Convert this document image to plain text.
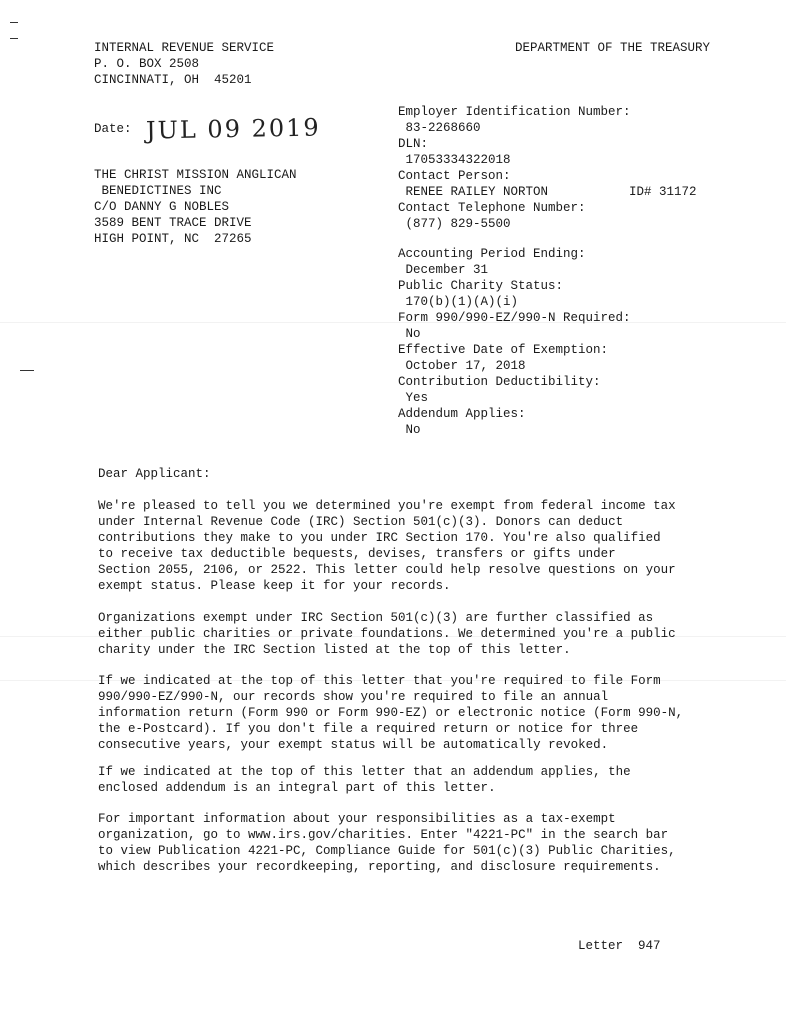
INTERNAL REVENUE SERVICE
P. O. BOX 2508
CINCINNATI, OH  45201
DEPARTMENT OF THE TREASURY
Date: JUL 09 2019
THE CHRIST MISSION ANGLICAN
BENEDICTINES INC
C/O DANNY G NOBLES
3589 BENT TRACE DRIVE
HIGH POINT, NC  27265
Employer Identification Number:
83-2268660
DLN:
17053334322018
Contact Person:
RENEE RAILEY NORTON	ID# 31172
Contact Telephone Number:
(877) 829-5500
Accounting Period Ending:
December 31
Public Charity Status:
170(b)(1)(A)(i)
Form 990/990-EZ/990-N Required:
No
Effective Date of Exemption:
October 17, 2018
Contribution Deductibility:
Yes
Addendum Applies:
No
Dear Applicant:
We're pleased to tell you we determined you're exempt from federal income tax
under Internal Revenue Code (IRC) Section 501(c)(3). Donors can deduct
contributions they make to you under IRC Section 170. You're also qualified
to receive tax deductible bequests, devises, transfers or gifts under
Section 2055, 2106, or 2522. This letter could help resolve questions on your
exempt status. Please keep it for your records.
Organizations exempt under IRC Section 501(c)(3) are further classified as
either public charities or private foundations. We determined you're a public
charity under the IRC Section listed at the top of this letter.
If we indicated at the top of this letter that you're required to file Form
990/990-EZ/990-N, our records show you're required to file an annual
information return (Form 990 or Form 990-EZ) or electronic notice (Form 990-N,
the e-Postcard). If you don't file a required return or notice for three
consecutive years, your exempt status will be automatically revoked.
If we indicated at the top of this letter that an addendum applies, the
enclosed addendum is an integral part of this letter.
For important information about your responsibilities as a tax-exempt
organization, go to www.irs.gov/charities. Enter "4221-PC" in the search bar
to view Publication 4221-PC, Compliance Guide for 501(c)(3) Public Charities,
which describes your recordkeeping, reporting, and disclosure requirements.
Letter  947
